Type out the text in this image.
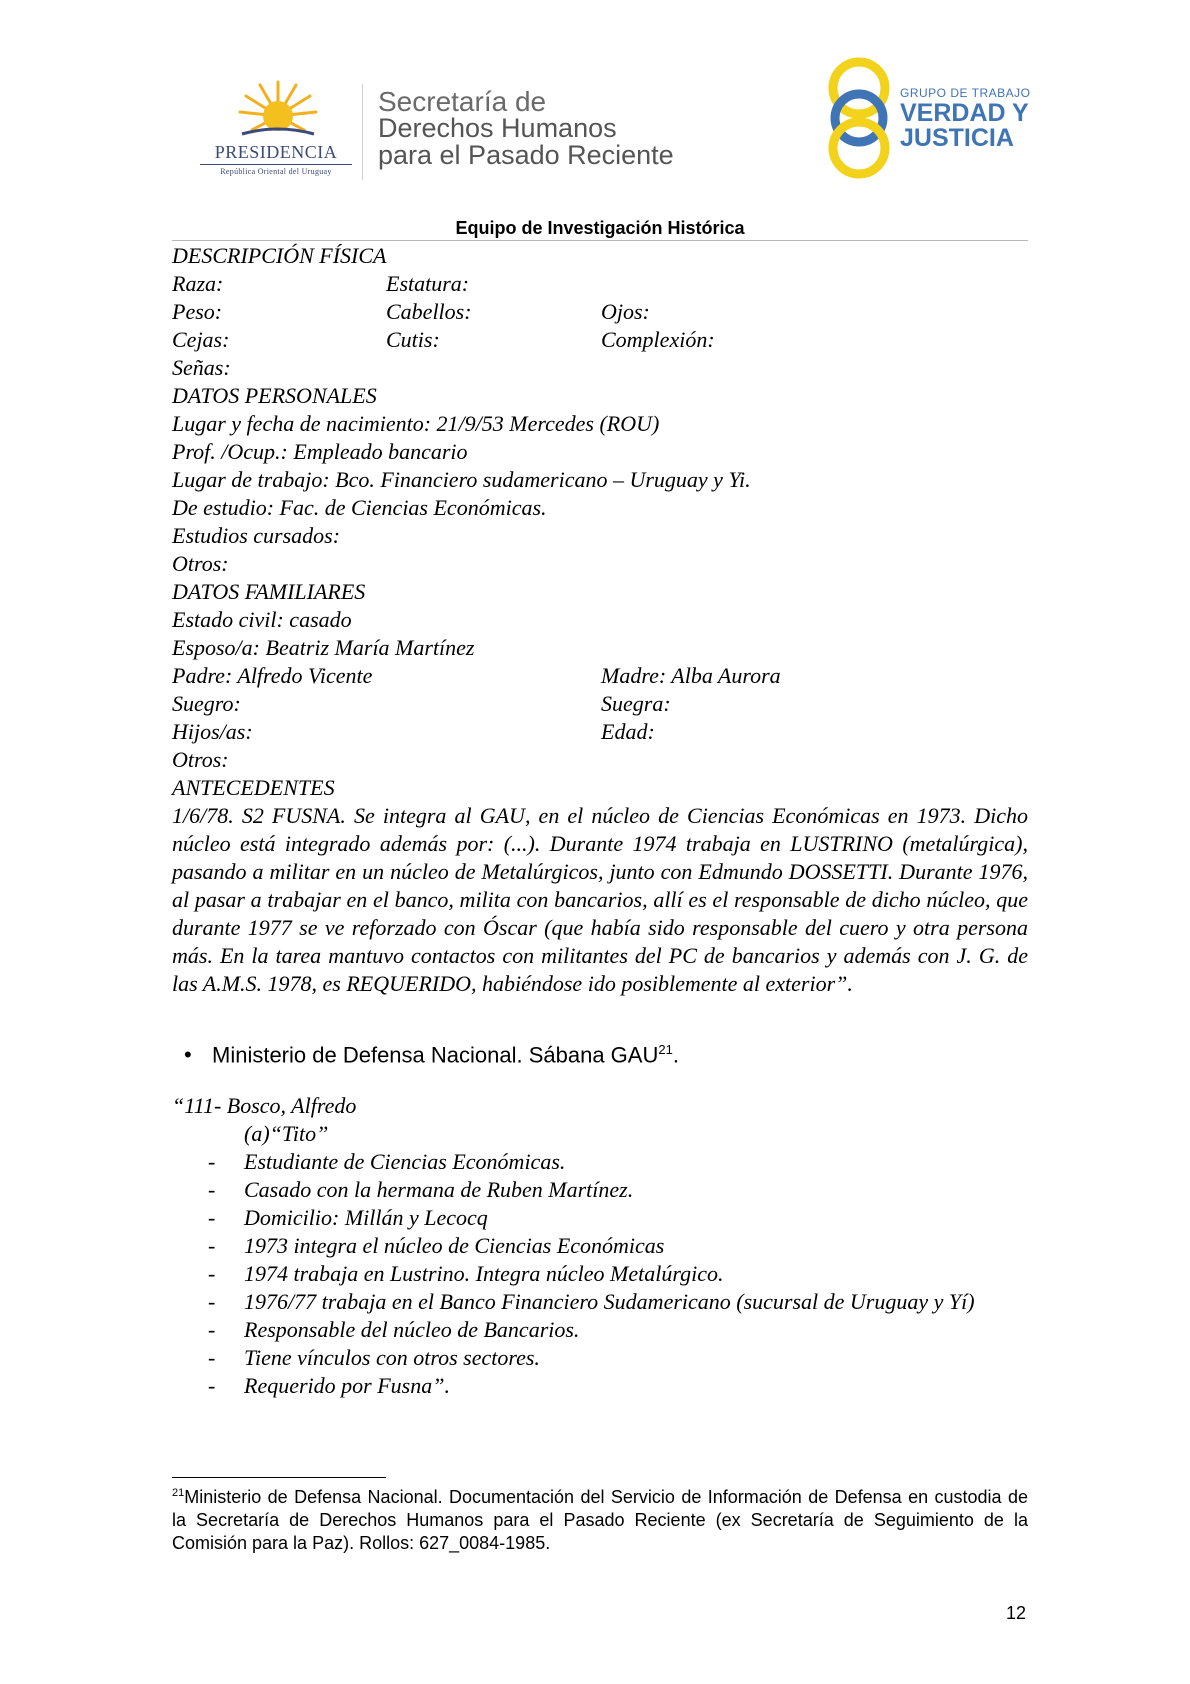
PRESIDENCIA
República Oriental del Uruguay
Secretaría de
Derechos Humanos
para el Pasado Reciente
GRUPO DE TRABAJO
VERDAD Y
JUSTICIA
Equipo de Investigación Histórica
DESCRIPCIÓN FÍSICA
Raza:	Estatura:
Peso:	Cabellos:	Ojos:
Cejas:	Cutis:	Complexión:
Señas:
DATOS PERSONALES
Lugar y fecha de nacimiento: 21/9/53 Mercedes (ROU)
Prof. /Ocup.: Empleado bancario
Lugar de trabajo: Bco. Financiero sudamericano – Uruguay y Yi.
De estudio: Fac. de Ciencias Económicas.
Estudios cursados:
Otros:
DATOS FAMILIARES
Estado civil: casado
Esposo/a: Beatriz María Martínez
Padre: Alfredo Vicente	Madre: Alba Aurora
Suegro:	Suegra:
Hijos/as:	Edad:
Otros:
ANTECEDENTES
1/6/78. S2 FUSNA. Se integra al GAU, en el núcleo de Ciencias Económicas en 1973. Dicho núcleo está integrado además por: (...). Durante 1974 trabaja en LUSTRINO (metalúrgica), pasando a militar en un núcleo de Metalúrgicos, junto con Edmundo DOSSETTI. Durante 1976, al pasar a trabajar en el banco, milita con bancarios, allí es el responsable de dicho núcleo, que durante 1977 se ve reforzado con Óscar (que había sido responsable del cuero y otra persona más. En la tarea mantuvo contactos con militantes del PC de bancarios y además con J. G. de las A.M.S. 1978, es REQUERIDO, habiéndose ido posiblemente al exterior”.
• Ministerio de Defensa Nacional. Sábana GAU$^{21}$.
“111- Bosco, Alfredo
(a)“Tito”
- Estudiante de Ciencias Económicas.
- Casado con la hermana de Ruben Martínez.
- Domicilio: Millán y Lecocq
- 1973 integra el núcleo de Ciencias Económicas
- 1974 trabaja en Lustrino. Integra núcleo Metalúrgico.
- 1976/77 trabaja en el Banco Financiero Sudamericano (sucursal de Uruguay y Yí)
- Responsable del núcleo de Bancarios.
- Tiene vínculos con otros sectores.
- Requerido por Fusna”.
$^{21}$Ministerio de Defensa Nacional. Documentación del Servicio de Información de Defensa en custodia de la Secretaría de Derechos Humanos para el Pasado Reciente (ex Secretaría de Seguimiento de la Comisión para la Paz). Rollos: 627_0084-1985.
12
